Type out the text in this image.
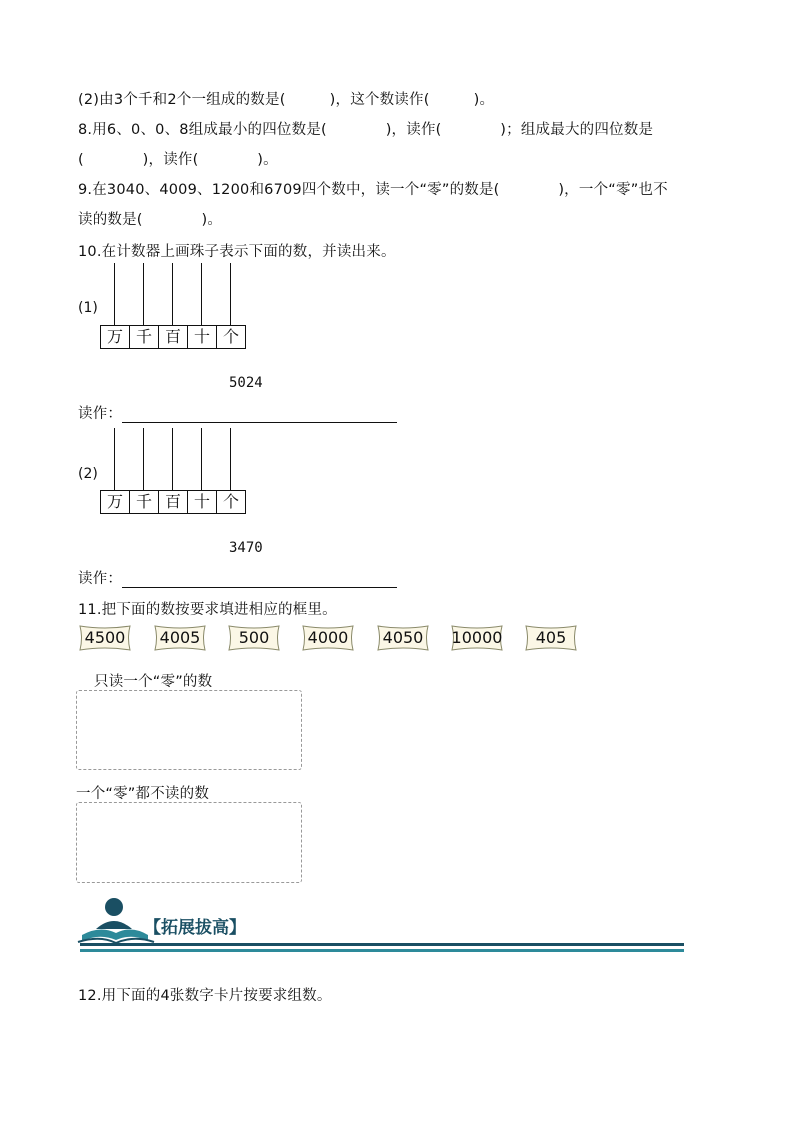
(2)由3个千和2个一组成的数是(　　　)，这个数读作(　　　)。
8.用6、0、0、8组成最小的四位数是(　　　　)，读作(　　　　)；组成最大的四位数是
(　　　　)，读作(　　　　)。
9.在3040、4009、1200和6709四个数中，读一个“零”的数是(　　　　)，一个“零”也不
读的数是(　　　　)。
10.在计数器上画珠子表示下面的数，并读出来。
(1)
万 千 百 十 个
5024
读作：
(2)
万 千 百 十 个
3470
读作：
11.把下面的数按要求填进相应的框里。
4500	4005	500	4000	4050	10000	405
只读一个“零”的数
一个“零”都不读的数
【拓展拔高】
12.用下面的4张数字卡片按要求组数。
